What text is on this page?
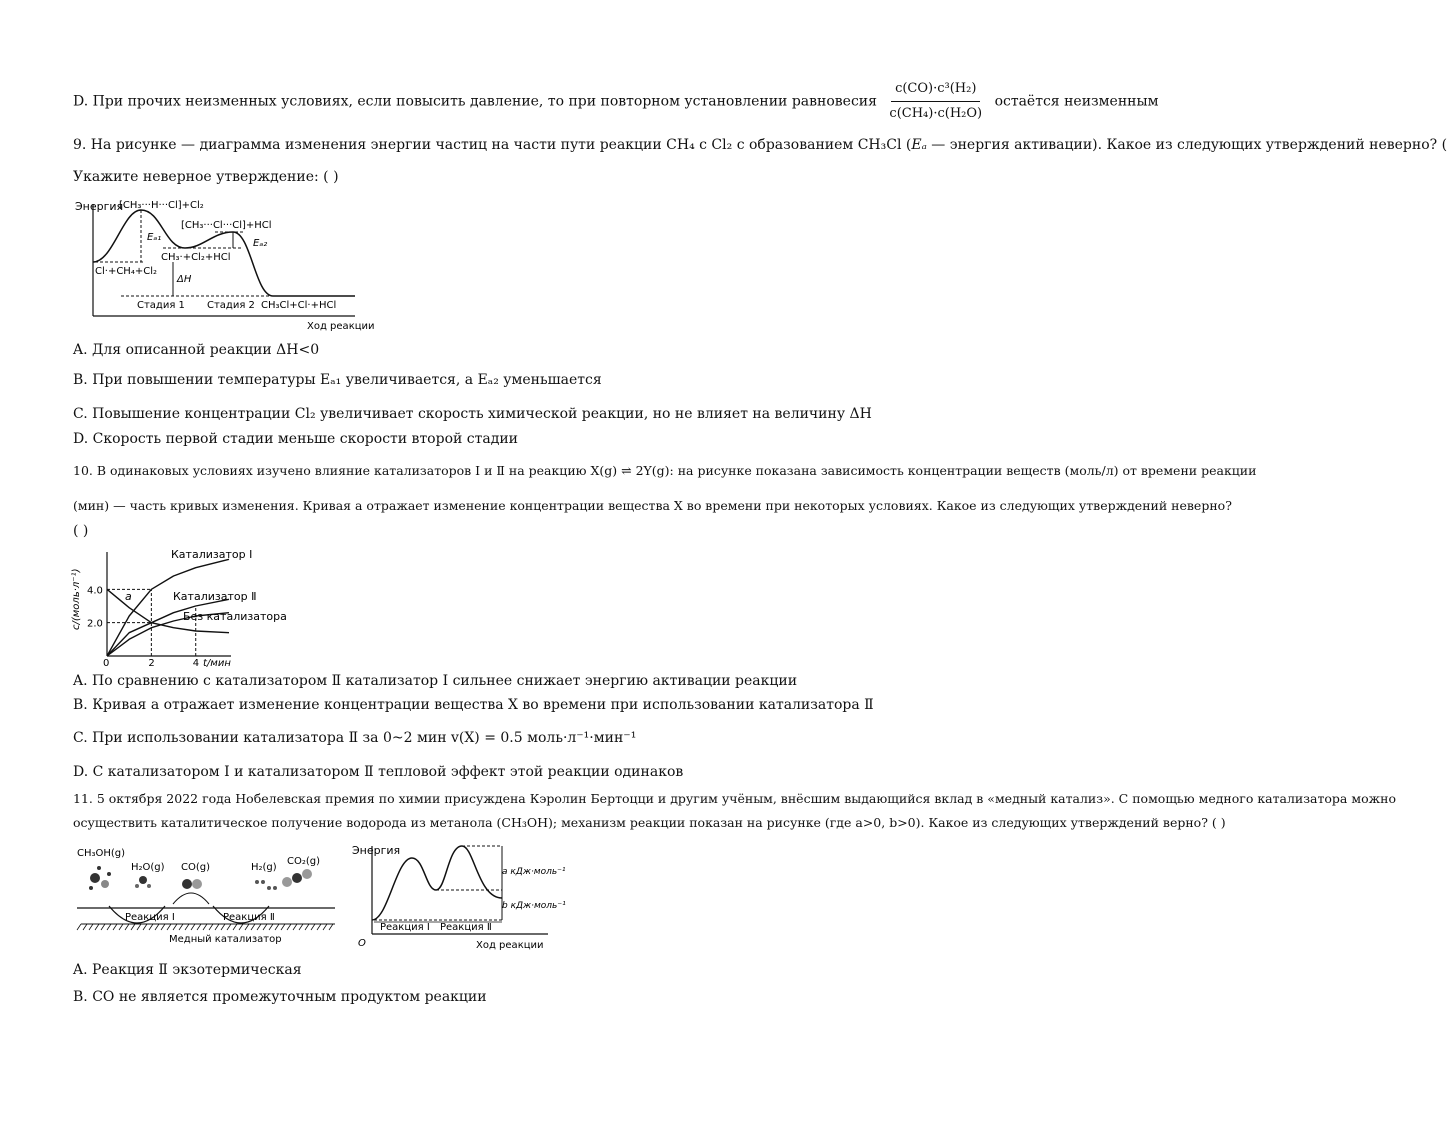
D. При прочих неизменных условиях, если повысить давление, то при повторном установлении равновесия $\frac{\text{c(CO)·c³(H₂)}}{\text{c(CH₄)·c(H₂O)}}$ остаётся неизменным
9. На рисунке — диаграмма изменения энергии частиц на части пути реакции CH₄ с Cl₂ с образованием CH₃Cl (Eₐ — энергия активации). Какое из следующих утверждений неверно? (
Укажите неверное утверждение: ( )
Энергия
[CH₃···H···Cl]+Cl₂
[CH₃···Cl···Cl]+HCl
Eₐ₁
Eₐ₂
Cl·+CH₄+Cl₂
CH₃·+Cl₂+HCl
ΔH
Стадия 1 Стадия 2 CH₃Cl+Cl·+HCl
Ход реакции
A. Для описанной реакции ΔH<0
B. При повышении температуры Eₐ₁ увеличивается, а Eₐ₂ уменьшается
C. Повышение концентрации Cl₂ увеличивает скорость химической реакции, но не влияет на величину ΔH
D. Скорость первой стадии меньше скорости второй стадии
10. В одинаковых условиях изучено влияние катализаторов Ⅰ и Ⅱ на реакцию X(g) ⇌ 2Y(g): на рисунке показана зависимость концентрации веществ (моль/л) от времени реакции
(мин) — часть кривых изменения. Кривая a отражает изменение концентрации вещества X во времени при некоторых условиях. Какое из следующих утверждений неверно?
( )
2.0
4.0
2	4
c/(моль·л⁻¹)
t/мин
0
Катализатор Ⅰ
Катализатор Ⅱ
Без катализатора
a
A. По сравнению с катализатором Ⅱ катализатор Ⅰ сильнее снижает энергию активации реакции
B. Кривая a отражает изменение концентрации вещества X во времени при использовании катализатора Ⅱ
C. При использовании катализатора Ⅱ за 0~2 мин v(X) = 0.5 моль·л⁻¹·мин⁻¹
D. С катализатором Ⅰ и катализатором Ⅱ тепловой эффект этой реакции одинаков
11. 5 октября 2022 года Нобелевская премия по химии присуждена Кэролин Бертоцци и другим учёным, внёсшим выдающийся вклад в «медный катализ». С помощью медного катализатора можно
осуществить каталитическое получение водорода из метанола (CH₃OH); механизм реакции показан на рисунке (где a>0, b>0). Какое из следующих утверждений верно? ( )
CH₃OH(g)
H₂O(g) CO(g)	H₂(g)
CO₂(g)
Реакция Ⅰ	Реакция Ⅱ
Медный катализатор
Энергия
a кДж·моль⁻¹
b кДж·моль⁻¹
Реакция Ⅰ Реакция Ⅱ
O	Ход реакции
A. Реакция Ⅱ экзотермическая
B. CO не является промежуточным продуктом реакции
